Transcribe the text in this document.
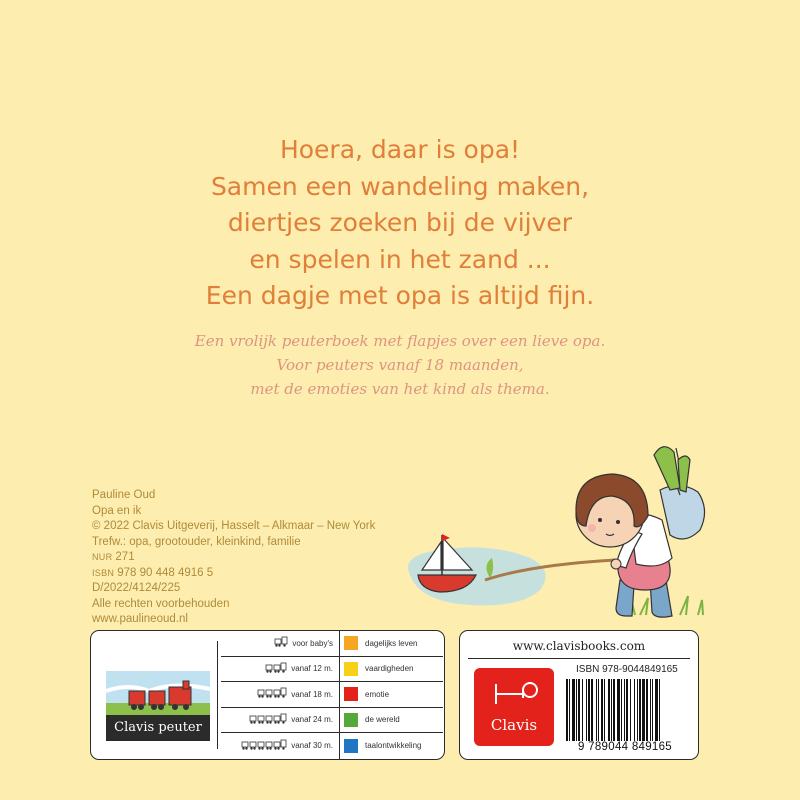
Hoera, daar is opa!
Samen een wandeling maken,
diertjes zoeken bij de vijver
en spelen in het zand ...
Een dagje met opa is altijd fijn.
Een vrolijk peuterboek met flapjes over een lieve opa.
Voor peuters vanaf 18 maanden,
met de emoties van het kind als thema.
Pauline Oud
Opa en ik
© 2022 Clavis Uitgeverij, Hasselt – Alkmaar – New York
Trefw.: opa, grootouder, kleinkind, familie
NUR 271
ISBN 978 90 448 4916 5
D/2022/4124/225
Alle rechten voorbehouden
www.paulineoud.nl
Clavis peuter
voor baby's
vanaf 12 m.
vanaf 18 m.
vanaf 24 m.
vanaf 30 m.
dagelijks leven
vaardigheden
emotie
de wereld
taalontwikkeling
www.clavisbooks.com
Clavis
ISBN 978-9044849165
9 789044 849165
